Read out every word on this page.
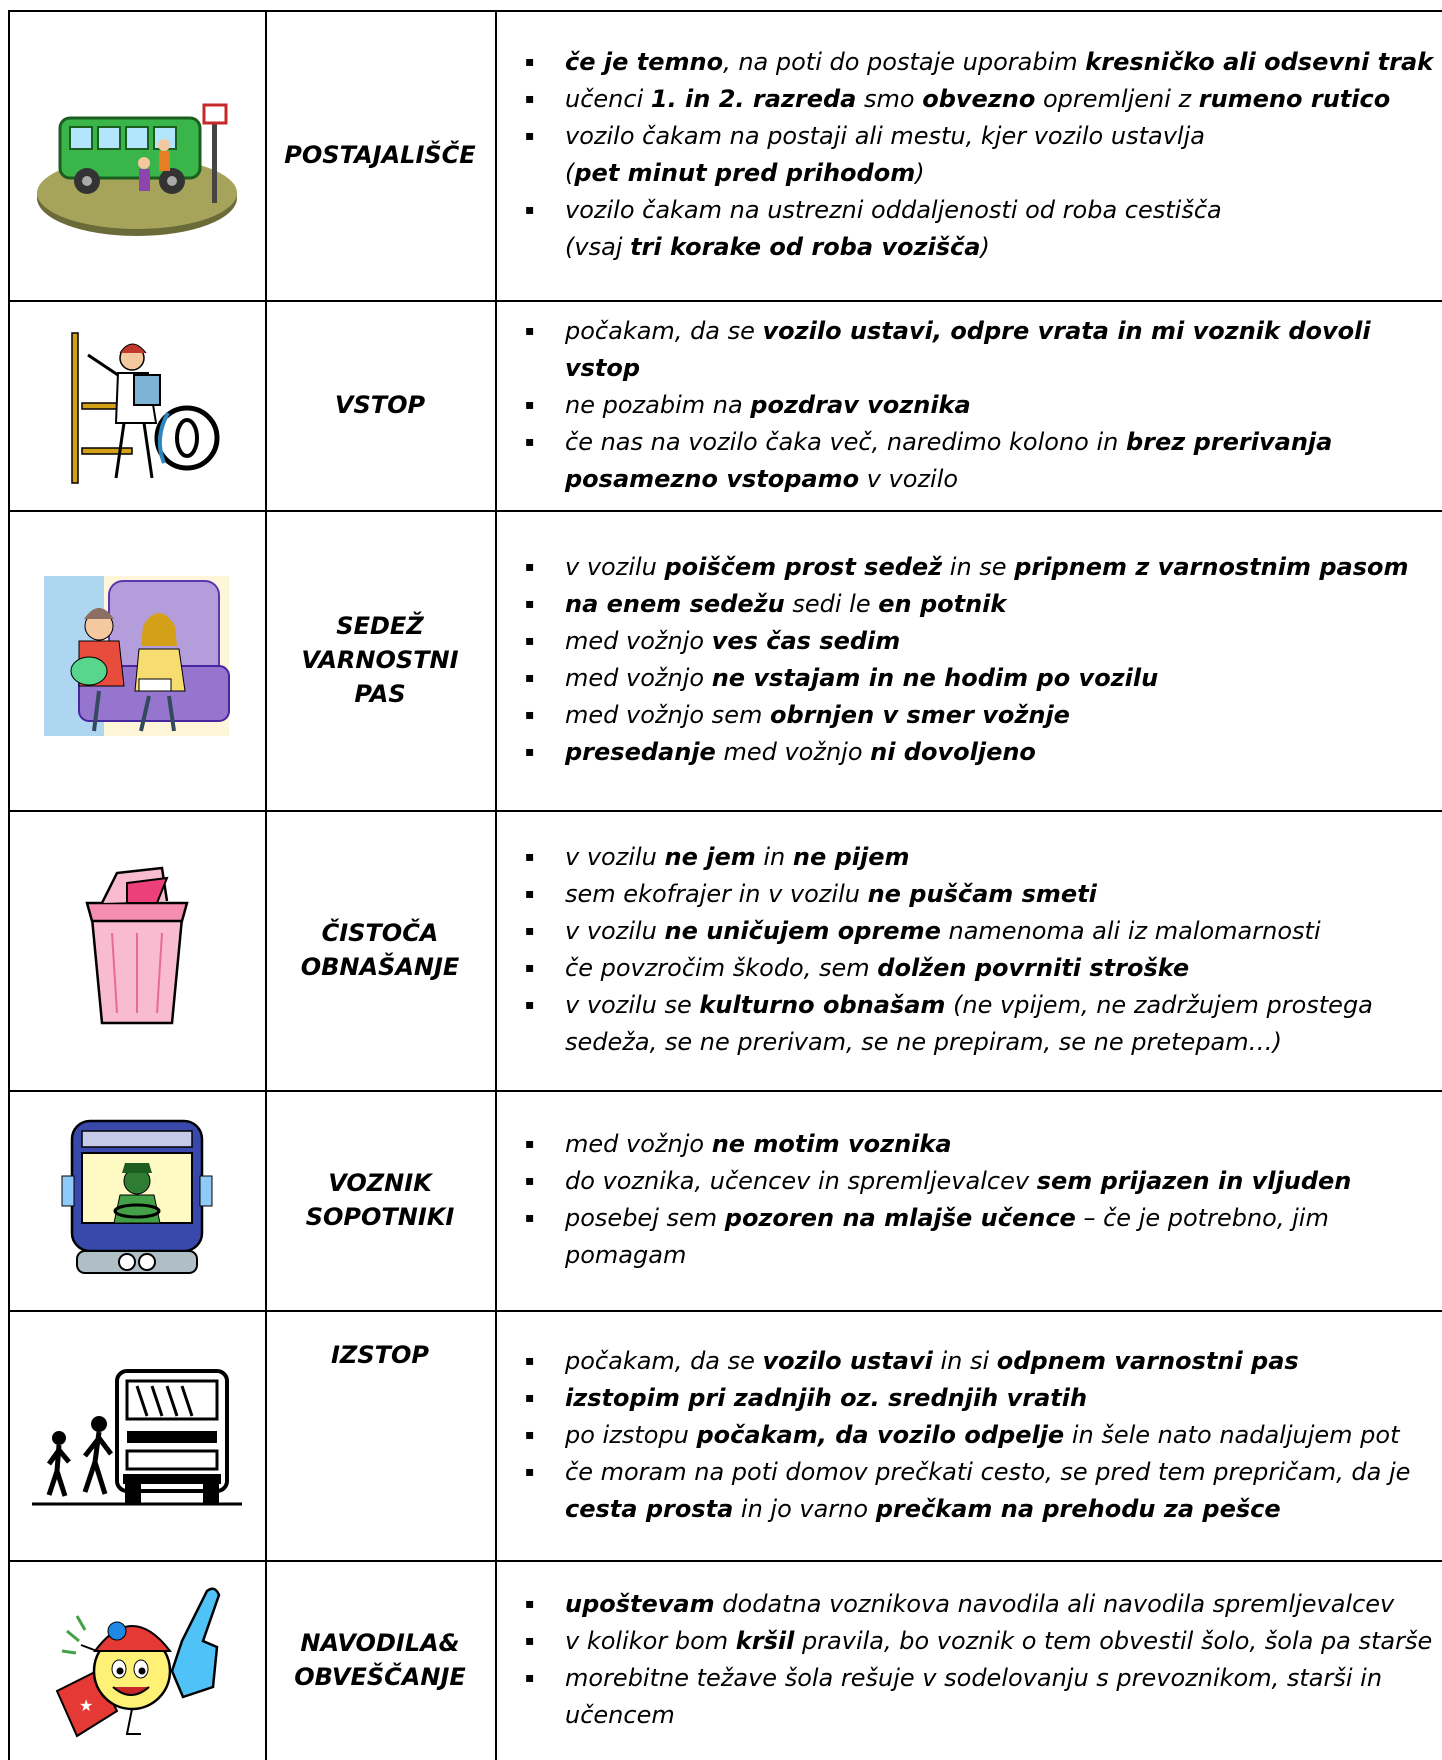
POSTAJALIŠČE
▪ če je temno, na poti do postaje uporabim kresničko ali odsevni trak
▪ učenci 1. in 2. razreda smo obvezno opremljeni z rumeno rutico
▪ vozilo čakam na postaji ali mestu, kjer vozilo ustavlja
(pet minut pred prihodom)
▪ vozilo čakam na ustrezni oddaljenosti od roba cestišča
(vsaj tri korake od roba vozišča)
VSTOP
▪ počakam, da se vozilo ustavi, odpre vrata in mi voznik dovoli vstop
▪ ne pozabim na pozdrav voznika
▪ če nas na vozilo čaka več, naredimo kolono in brez prerivanja posamezno vstopamo v vozilo
SEDEŽ
VARNOSTNI
PAS
▪ v vozilu poiščem prost sedež in se pripnem z varnostnim pasom
▪ na enem sedežu sedi le en potnik
▪ med vožnjo ves čas sedim
▪ med vožnjo ne vstajam in ne hodim po vozilu
▪ med vožnjo sem obrnjen v smer vožnje
▪ presedanje med vožnjo ni dovoljeno
ČISTOČA
OBNAŠANJE
▪ v vozilu ne jem in ne pijem
▪ sem ekofrajer in v vozilu ne puščam smeti
▪ v vozilu ne uničujem opreme namenoma ali iz malomarnosti
▪ če povzročim škodo, sem dolžen povrniti stroške
▪ v vozilu se kulturno obnašam (ne vpijem, ne zadržujem prostega sedeža, se ne prerivam, se ne prepiram, se ne pretepam…)
VOZNIK
SOPOTNIKI
▪ med vožnjo ne motim voznika
▪ do voznika, učencev in spremljevalcev sem prijazen in vljuden
▪ posebej sem pozoren na mlajše učence – če je potrebno, jim pomagam
IZSTOP	▪ počakam, da se vozilo ustavi in si odpnem varnostni pas
▪ izstopim pri zadnjih oz. srednjih vratih
▪ po izstopu počakam, da vozilo odpelje in šele nato nadaljujem pot
▪ če moram na poti domov prečkati cesto, se pred tem prepričam, da je cesta prosta in jo varno prečkam na prehodu za pešce
★
NAVODILA&
OBVEŠČANJE
▪ upoštevam dodatna voznikova navodila ali navodila spremljevalcev
▪ v kolikor bom kršil pravila, bo voznik o tem obvestil šolo, šola pa starše
▪ morebitne težave šola rešuje v sodelovanju s prevoznikom, starši in učencem
